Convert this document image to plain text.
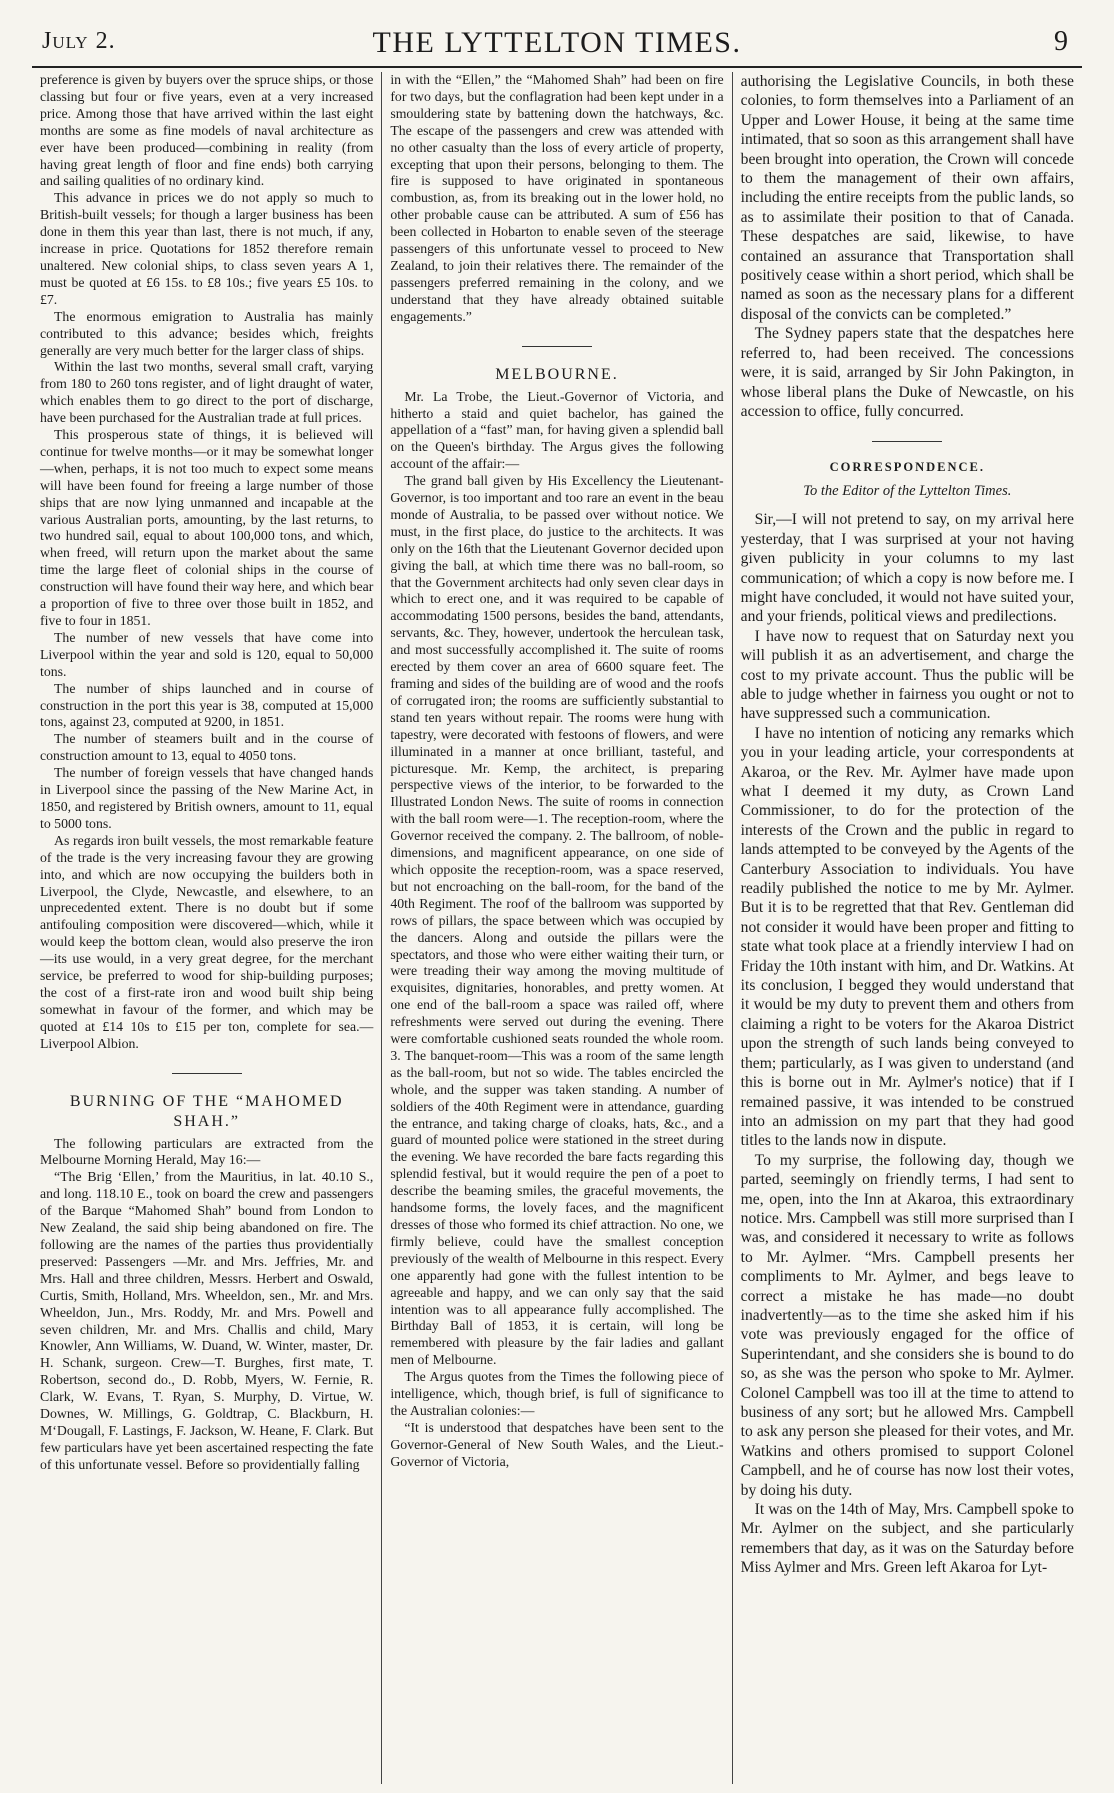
July 2.	THE LYTTELTON TIMES.	9

preference is given by buyers over the spruce ships, or those classing but four or five years, even at a very increased price. Among those that have arrived within the last eight months are some as fine models of naval architecture as ever have been produced—combining in reality (from having great length of floor and fine ends) both carrying and sailing qualities of no ordinary kind.

This advance in prices we do not apply so much to British-built vessels; for though a larger business has been done in them this year than last, there is not much, if any, increase in price. Quotations for 1852 therefore remain unaltered. New colonial ships, to class seven years A 1, must be quoted at £6 15s. to £8 10s.; five years £5 10s. to £7.

The enormous emigration to Australia has mainly contributed to this advance; besides which, freights generally are very much better for the larger class of ships.

Within the last two months, several small craft, varying from 180 to 260 tons register, and of light draught of water, which enables them to go direct to the port of discharge, have been purchased for the Australian trade at full prices.

This prosperous state of things, it is believed will continue for twelve months—or it may be somewhat longer—when, perhaps, it is not too much to expect some means will have been found for freeing a large number of those ships that are now lying unmanned and incapable at the various Australian ports, amounting, by the last returns, to two hundred sail, equal to about 100,000 tons, and which, when freed, will return upon the market about the same time the large fleet of colonial ships in the course of construction will have found their way here, and which bear a proportion of five to three over those built in 1852, and five to four in 1851.

The number of new vessels that have come into Liverpool within the year and sold is 120, equal to 50,000 tons.

The number of ships launched and in course of construction in the port this year is 38, computed at 15,000 tons, against 23, computed at 9200, in 1851.

The number of steamers built and in the course of construction amount to 13, equal to 4050 tons.

The number of foreign vessels that have changed hands in Liverpool since the passing of the New Marine Act, in 1850, and registered by British owners, amount to 11, equal to 5000 tons.

As regards iron built vessels, the most remarkable feature of the trade is the very increasing favour they are growing into, and which are now occupying the builders both in Liverpool, the Clyde, Newcastle, and elsewhere, to an unprecedented extent. There is no doubt but if some antifouling composition were discovered—which, while it would keep the bottom clean, would also preserve the iron—its use would, in a very great degree, for the merchant service, be preferred to wood for ship-building purposes; the cost of a first-rate iron and wood built ship being somewhat in favour of the former, and which may be quoted at £14 10s to £15 per ton, complete for sea.—Liverpool Albion.

BURNING OF THE “MAHOMED SHAH.”

The following particulars are extracted from the Melbourne Morning Herald, May 16:—

“The Brig ‘Ellen,’ from the Mauritius, in lat. 40.10 S., and long. 118.10 E., took on board the crew and passengers of the Barque “Mahomed Shah” bound from London to New Zealand, the said ship being abandoned on fire. The following are the names of the parties thus providentially preserved: Passengers —Mr. and Mrs. Jeffries, Mr. and Mrs. Hall and three children, Messrs. Herbert and Oswald, Curtis, Smith, Holland, Mrs. Wheeldon, sen., Mr. and Mrs. Wheeldon, Jun., Mrs. Roddy, Mr. and Mrs. Powell and seven children, Mr. and Mrs. Challis and child, Mary Knowler, Ann Williams, W. Duand, W. Winter, master, Dr. H. Schank, surgeon. Crew—T. Burghes, first mate, T. Robertson, second do., D. Robb, Myers, W. Fernie, R. Clark, W. Evans, T. Ryan, S. Murphy, D. Virtue, W. Downes, W. Millings, G. Goldtrap, C. Blackburn, H. M‘Dougall, F. Lastings, F. Jackson, W. Heane, F. Clark. But few particulars have yet been ascertained respecting the fate of this unfortunate vessel. Before so providentially falling

in with the “Ellen,” the “Mahomed Shah” had been on fire for two days, but the conflagration had been kept under in a smouldering state by battening down the hatchways, &c. The escape of the passengers and crew was attended with no other casualty than the loss of every article of property, excepting that upon their persons, belonging to them. The fire is supposed to have originated in spontaneous combustion, as, from its breaking out in the lower hold, no other probable cause can be attributed. A sum of £56 has been collected in Hobarton to enable seven of the steerage passengers of this unfortunate vessel to proceed to New Zealand, to join their relatives there. The remainder of the passengers preferred remaining in the colony, and we understand that they have already obtained suitable engagements.”

MELBOURNE.

Mr. La Trobe, the Lieut.-Governor of Victoria, and hitherto a staid and quiet bachelor, has gained the appellation of a “fast” man, for having given a splendid ball on the Queen's birthday. The Argus gives the following account of the affair:—

The grand ball given by His Excellency the Lieutenant-Governor, is too important and too rare an event in the beau monde of Australia, to be passed over without notice. We must, in the first place, do justice to the architects. It was only on the 16th that the Lieutenant Governor decided upon giving the ball, at which time there was no ball-room, so that the Government architects had only seven clear days in which to erect one, and it was required to be capable of accommodating 1500 persons, besides the band, attendants, servants, &c. They, however, undertook the herculean task, and most successfully accomplished it. The suite of rooms erected by them cover an area of 6600 square feet. The framing and sides of the building are of wood and the roofs of corrugated iron; the rooms are sufficiently substantial to stand ten years without repair. The rooms were hung with tapestry, were decorated with festoons of flowers, and were illuminated in a manner at once brilliant, tasteful, and picturesque. Mr. Kemp, the architect, is preparing perspective views of the interior, to be forwarded to the Illustrated London News. The suite of rooms in connection with the ball room were—1. The reception-room, where the Governor received the company. 2. The ballroom, of noble-dimensions, and magnificent appearance, on one side of which opposite the reception-room, was a space reserved, but not encroaching on the ball-room, for the band of the 40th Regiment. The roof of the ballroom was supported by rows of pillars, the space between which was occupied by the dancers. Along and outside the pillars were the spectators, and those who were either waiting their turn, or were treading their way among the moving multitude of exquisites, dignitaries, honorables, and pretty women. At one end of the ball-room a space was railed off, where refreshments were served out during the evening. There were comfortable cushioned seats rounded the whole room. 3. The banquet-room—This was a room of the same length as the ball-room, but not so wide. The tables encircled the whole, and the supper was taken standing. A number of soldiers of the 40th Regiment were in attendance, guarding the entrance, and taking charge of cloaks, hats, &c., and a guard of mounted police were stationed in the street during the evening. We have recorded the bare facts regarding this splendid festival, but it would require the pen of a poet to describe the beaming smiles, the graceful movements, the handsome forms, the lovely faces, and the magnificent dresses of those who formed its chief attraction. No one, we firmly believe, could have the smallest conception previously of the wealth of Melbourne in this respect. Every one apparently had gone with the fullest intention to be agreeable and happy, and we can only say that the said intention was to all appearance fully accomplished. The Birthday Ball of 1853, it is certain, will long be remembered with pleasure by the fair ladies and gallant men of Melbourne.

The Argus quotes from the Times the following piece of intelligence, which, though brief, is full of significance to the Australian colonies:—

“It is understood that despatches have been sent to the Governor-General of New South Wales, and the Lieut.-Governor of Victoria,

authorising the Legislative Councils, in both these colonies, to form themselves into a Parliament of an Upper and Lower House, it being at the same time intimated, that so soon as this arrangement shall have been brought into operation, the Crown will concede to them the management of their own affairs, including the entire receipts from the public lands, so as to assimilate their position to that of Canada. These despatches are said, likewise, to have contained an assurance that Transportation shall positively cease within a short period, which shall be named as soon as the necessary plans for a different disposal of the convicts can be completed.”

The Sydney papers state that the despatches here referred to, had been received. The concessions were, it is said, arranged by Sir John Pakington, in whose liberal plans the Duke of Newcastle, on his accession to office, fully concurred.

CORRESPONDENCE.
To the Editor of the Lyttelton Times.

Sir,—I will not pretend to say, on my arrival here yesterday, that I was surprised at your not having given publicity in your columns to my last communication; of which a copy is now before me. I might have concluded, it would not have suited your, and your friends, political views and predilections.

I have now to request that on Saturday next you will publish it as an advertisement, and charge the cost to my private account. Thus the public will be able to judge whether in fairness you ought or not to have suppressed such a communication.

I have no intention of noticing any remarks which you in your leading article, your correspondents at Akaroa, or the Rev. Mr. Aylmer have made upon what I deemed it my duty, as Crown Land Commissioner, to do for the protection of the interests of the Crown and the public in regard to lands attempted to be conveyed by the Agents of the Canterbury Association to individuals. You have readily published the notice to me by Mr. Aylmer. But it is to be regretted that that Rev. Gentleman did not consider it would have been proper and fitting to state what took place at a friendly interview I had on Friday the 10th instant with him, and Dr. Watkins. At its conclusion, I begged they would understand that it would be my duty to prevent them and others from claiming a right to be voters for the Akaroa District upon the strength of such lands being conveyed to them; particularly, as I was given to understand (and this is borne out in Mr. Aylmer's notice) that if I remained passive, it was intended to be construed into an admission on my part that they had good titles to the lands now in dispute.

To my surprise, the following day, though we parted, seemingly on friendly terms, I had sent to me, open, into the Inn at Akaroa, this extraordinary notice. Mrs. Campbell was still more surprised than I was, and considered it necessary to write as follows to Mr. Aylmer. “Mrs. Campbell presents her compliments to Mr. Aylmer, and begs leave to correct a mistake he has made—no doubt inadvertently—as to the time she asked him if his vote was previously engaged for the office of Superintendant, and she considers she is bound to do so, as she was the person who spoke to Mr. Aylmer. Colonel Campbell was too ill at the time to attend to business of any sort; but he allowed Mrs. Campbell to ask any person she pleased for their votes, and Mr. Watkins and others promised to support Colonel Campbell, and he of course has now lost their votes, by doing his duty.

It was on the 14th of May, Mrs. Campbell spoke to Mr. Aylmer on the subject, and she particularly remembers that day, as it was on the Saturday before Miss Aylmer and Mrs. Green left Akaroa for Lyt-
